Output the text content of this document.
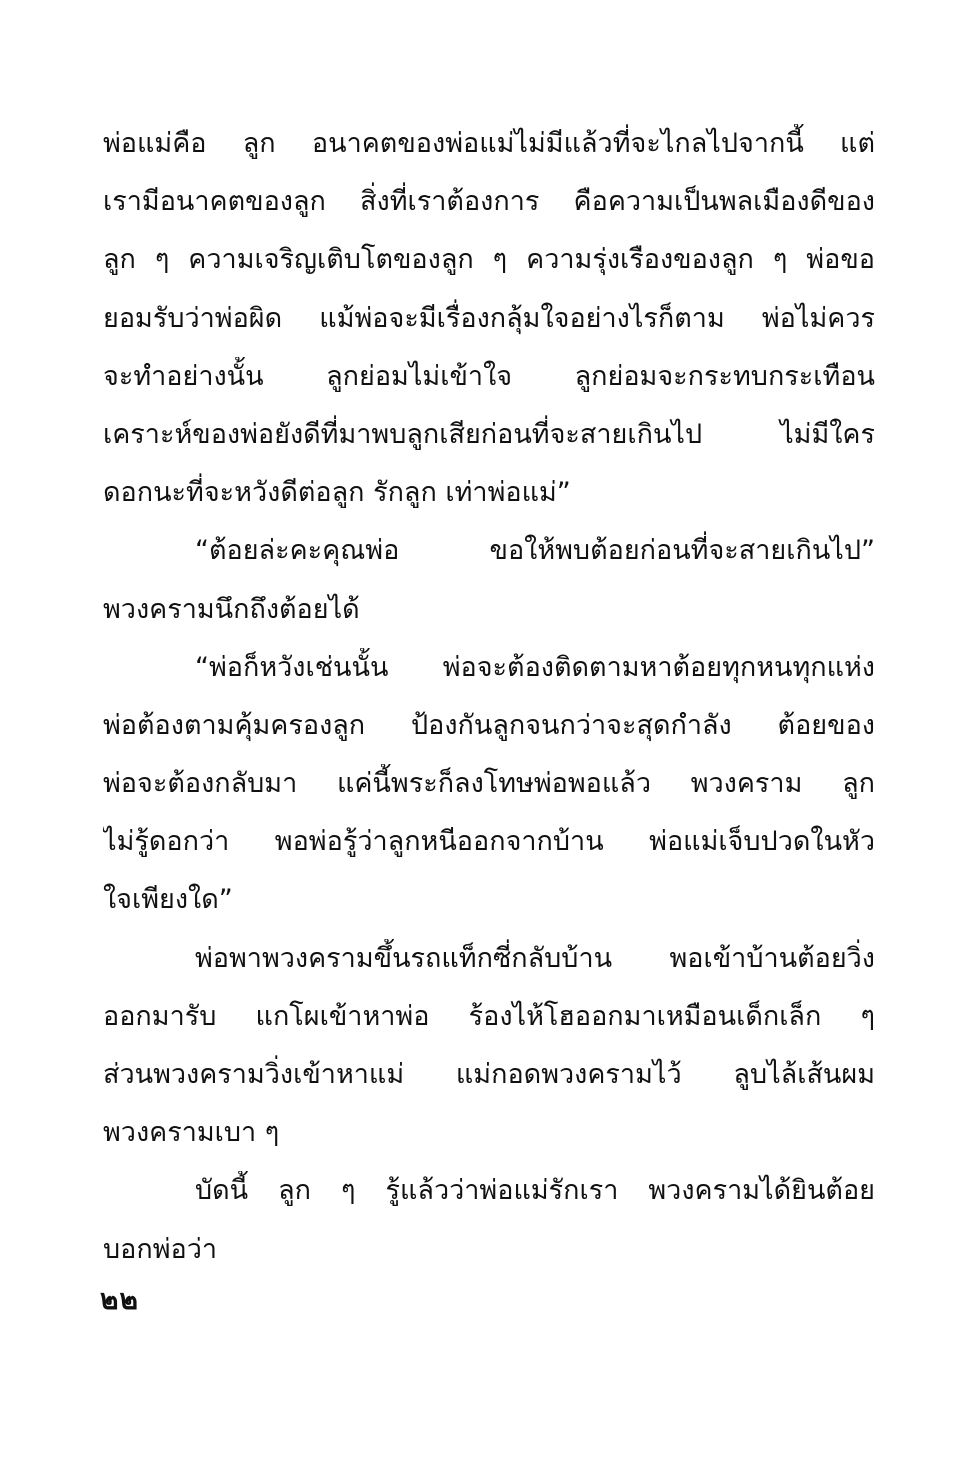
พ่อแม่คือ ลูก อนาคตของพ่อแม่ไม่มีแล้วที่จะไกลไปจากนี้ แต่
เรามีอนาคตของลูก สิ่งที่เราต้องการ คือความเป็นพลเมืองดีของ
ลูก ๆ ความเจริญเติบโตของลูก ๆ ความรุ่งเรืองของลูก ๆ พ่อขอ
ยอมรับว่าพ่อผิด แม้พ่อจะมีเรื่องกลุ้มใจอย่างไรก็ตาม พ่อไม่ควร
จะทำอย่างนั้น ลูกย่อมไม่เข้าใจ ลูกย่อมจะกระทบกระเทือน
เคราะห์ของพ่อยังดีที่มาพบลูกเสียก่อนที่จะสายเกินไป ไม่มีใคร
ดอกนะที่จะหวังดีต่อลูก รักลูก เท่าพ่อแม่”
“ต้อยล่ะคะคุณพ่อ ขอให้พบต้อยก่อนที่จะสายเกินไป”
พวงครามนึกถึงต้อยได้
“พ่อก็หวังเช่นนั้น พ่อจะต้องติดตามหาต้อยทุกหนทุกแห่ง
พ่อต้องตามคุ้มครองลูก ป้องกันลูกจนกว่าจะสุดกำลัง ต้อยของ
พ่อจะต้องกลับมา แค่นี้พระก็ลงโทษพ่อพอแล้ว พวงคราม ลูก
ไม่รู้ดอกว่า พอพ่อรู้ว่าลูกหนีออกจากบ้าน พ่อแม่เจ็บปวดในหัว
ใจเพียงใด”
พ่อพาพวงครามขึ้นรถแท็กซี่กลับบ้าน พอเข้าบ้านต้อยวิ่ง
ออกมารับ แกโผเข้าหาพ่อ ร้องไห้โฮออกมาเหมือนเด็กเล็ก ๆ
ส่วนพวงครามวิ่งเข้าหาแม่ แม่กอดพวงครามไว้ ลูบไล้เส้นผม
พวงครามเบา ๆ
บัดนี้ ลูก ๆ รู้แล้วว่าพ่อแม่รักเรา พวงครามได้ยินต้อย
บอกพ่อว่า
๒๒
